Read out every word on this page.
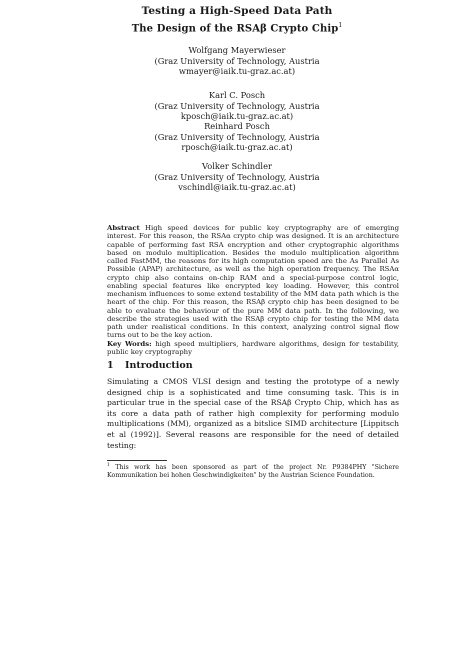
Testing a High-Speed Data Path
The Design of the RSAβ Crypto Chip$^1$
Wolfgang Mayerwieser
(Graz University of Technology, Austria
wmayer@iaik.tu-graz.ac.at)
Karl C. Posch
(Graz University of Technology, Austria
kposch@iaik.tu-graz.ac.at)
Reinhard Posch
(Graz University of Technology, Austria
rposch@iaik.tu-graz.ac.at)
Volker Schindler
(Graz University of Technology, Austria
vschindl@iaik.tu-graz.ac.at)

Abstract High speed devices for public key cryptography are of emerging interest. For this reason, the RSAα crypto chip was designed. It is an architecture capable of performing fast RSA encryption and other cryptographic algorithms based on modulo multiplication. Besides the modulo multiplication algorithm called FastMM, the reasons for its high computation speed are the As Parallel As Possible (APAP) architecture, as well as the high operation frequency. The RSAα crypto chip also contains on-chip RAM and a special-purpose control logic, enabling special features like encrypted key loading. However, this control mechanism influences to some extend testability of the MM data path which is the heart of the chip. For this reason, the RSAβ crypto chip has been designed to be able to evaluate the behaviour of the pure MM data path. In the following, we describe the strategies used with the RSAβ crypto chip for testing the MM data path under realistical conditions. In this context, analyzing control signal flow turns out to be the key action.

Key Words: high speed multipliers, hardware algorithms, design for testability, public key cryptography

1 Introduction

Simulating a CMOS VLSI design and testing the prototype of a newly designed chip is a sophisticated and time consuming task. This is in particular true in the special case of the RSAβ Crypto Chip, which has as its core a data path of rather high complexity for performing modulo multiplications (MM), organized as a bitslice SIMD architecture [Lippitsch et al (1992)]. Several reasons are responsible for the need of detailed testing:

$^1$ This work has been sponsored as part of the project Nr. P9384PHY "Sichere Kommunikation bei hohen Geschwindigkeiten" by the Austrian Science Foundation.
